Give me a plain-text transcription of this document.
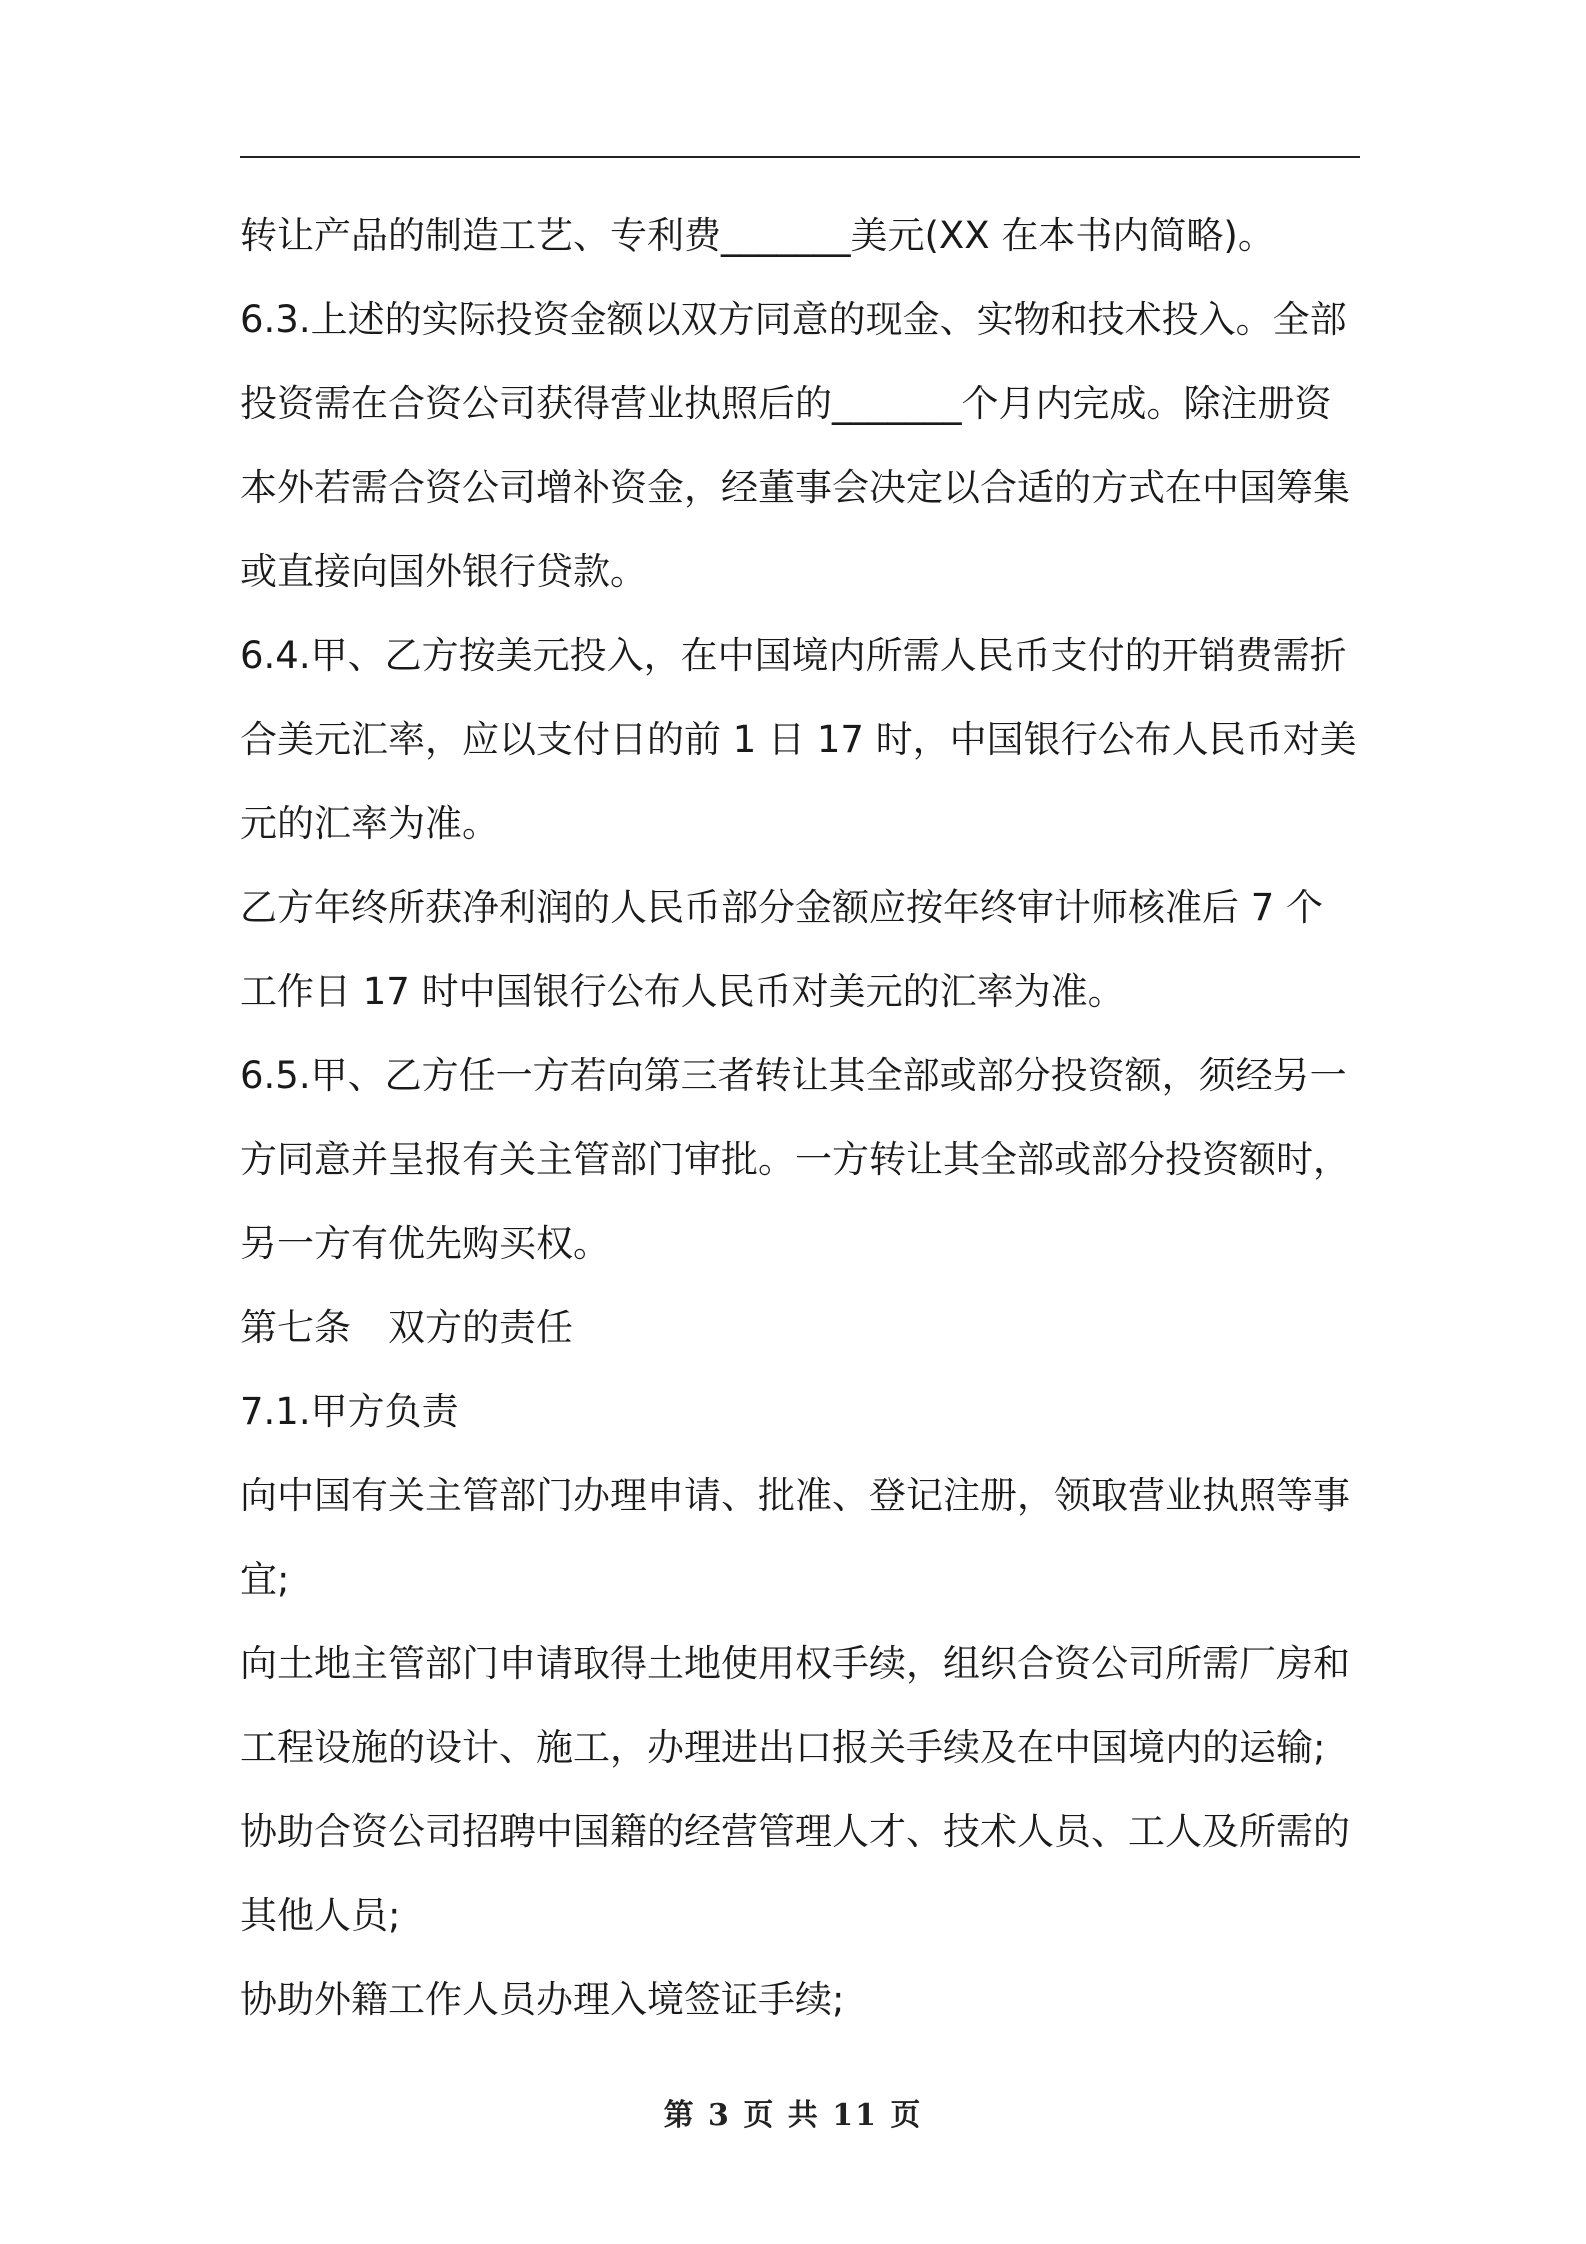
转让产品的制造工艺、专利费_______美元(XX 在本书内简略)。
6.3.上述的实际投资金额以双方同意的现金、实物和技术投入。全部
投资需在合资公司获得营业执照后的_______个月内完成。除注册资
本外若需合资公司增补资金，经董事会决定以合适的方式在中国筹集
或直接向国外银行贷款。
6.4.甲、乙方按美元投入，在中国境内所需人民币支付的开销费需折
合美元汇率，应以支付日的前 1 日 17 时，中国银行公布人民币对美
元的汇率为准。
乙方年终所获净利润的人民币部分金额应按年终审计师核准后 7 个
工作日 17 时中国银行公布人民币对美元的汇率为准。
6.5.甲、乙方任一方若向第三者转让其全部或部分投资额，须经另一
方同意并呈报有关主管部门审批。一方转让其全部或部分投资额时，
另一方有优先购买权。
第七条　双方的责任
7.1.甲方负责
向中国有关主管部门办理申请、批准、登记注册，领取营业执照等事
宜;
向土地主管部门申请取得土地使用权手续，组织合资公司所需厂房和
工程设施的设计、施工，办理进出口报关手续及在中国境内的运输;
协助合资公司招聘中国籍的经营管理人才、技术人员、工人及所需的
其他人员;
协助外籍工作人员办理入境签证手续;
第 3 页 共 11 页
